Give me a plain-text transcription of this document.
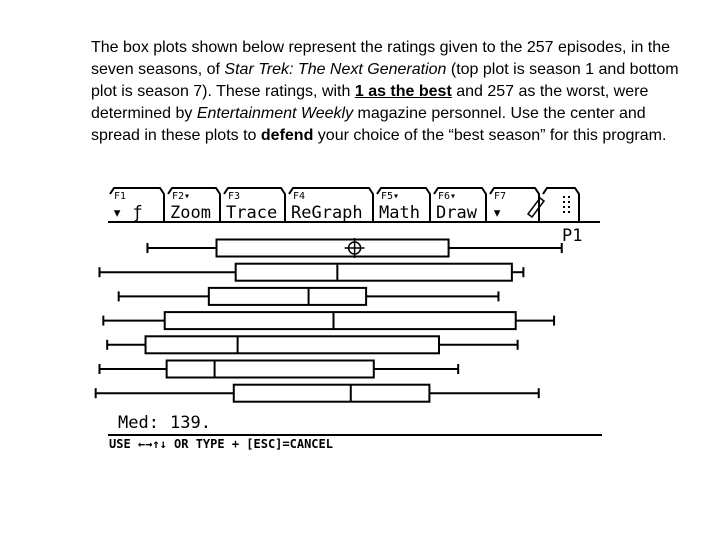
The box plots shown below represent the ratings given to the 257 episodes, in the seven seasons, of Star Trek: The Next Generation (top plot is season 1 and bottom plot is season 7). These ratings, with 1 as the best and 257 as the worst, were determined by Entertainment Weekly magazine personnel. Use the center and spread in these plots to defend your choice of the “best season” for this program.
F1
▾ ƒ
F2▾
Zoom
F3
Trace
F4
ReGraph
F5▾
Math
F6▾
Draw
F7
▾
P1
Med: 139.
USE ←→↑↓ OR TYPE + [ESC]=CANCEL
